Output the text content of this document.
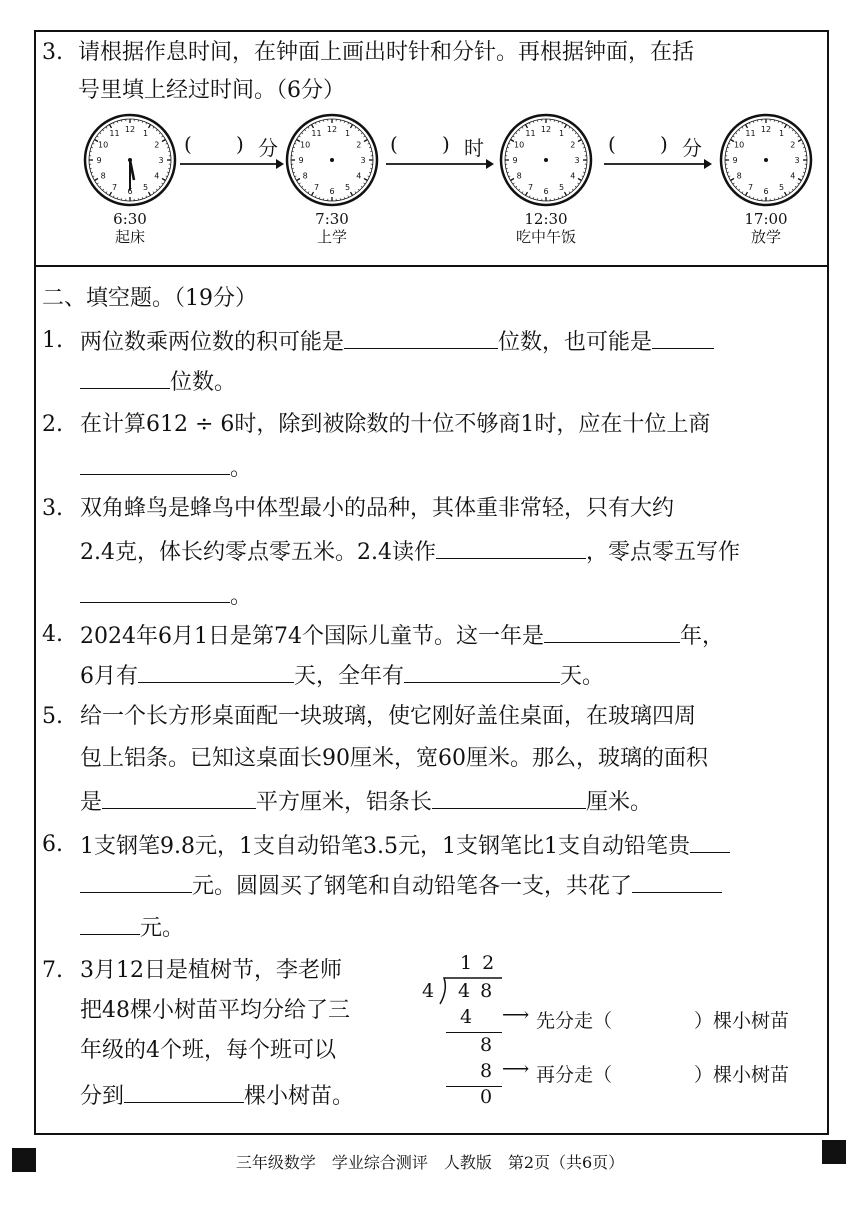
3. 请根据作息时间，在钟面上画出时针和分针。再根据钟面，在括
号里填上经过时间。（6分）
12 1
2
3
4
5
6
7
8
9
10
11	12 1
2
3
4
5
6
7
8
9
10
11	12 1
2
3
4
5
6
7
8
9
10
11	12 1
2
3
4
5
6
7
8
9
10
11
6:30
起床
7:30
上学
12:30
吃中午饭
17:00
放学
( ) 分	( ) 时	( ) 分
二、填空题。（19分）
1. 两位数乘两位数的积可能是	位数，也可能是
位数。
2. 在计算612 ÷ 6时，除到被除数的十位不够商1时，应在十位上商
。
3. 双角蜂鸟是蜂鸟中体型最小的品种，其体重非常轻，只有大约
2.4克，体长约零点零五米。2.4读作	，零点零五写作
。
4. 2024年6月1日是第74个国际儿童节。这一年是	年，
6月有	天，全年有	天。
5. 给一个长方形桌面配一块玻璃，使它刚好盖住桌面，在玻璃四周
包上铝条。已知这桌面长90厘米，宽60厘米。那么，玻璃的面积
是	平方厘米，铝条长	厘米。
6. 1支钢笔9.8元，1支自动铅笔3.5元，1支钢笔比1支自动铅笔贵
元。圆圆买了钢笔和自动铅笔各一支，共花了
元。
7. 3月12日是植树节，李老师
把48棵小树苗平均分给了三
年级的4个班，每个班可以
分到	棵小树苗。
1 2
4 4 8
4 ⟶ 先分走（	）棵小树苗
8
8 ⟶ 再分走（	）棵小树苗
0
三年级数学　学业综合测评　人教版　第2页（共6页）
